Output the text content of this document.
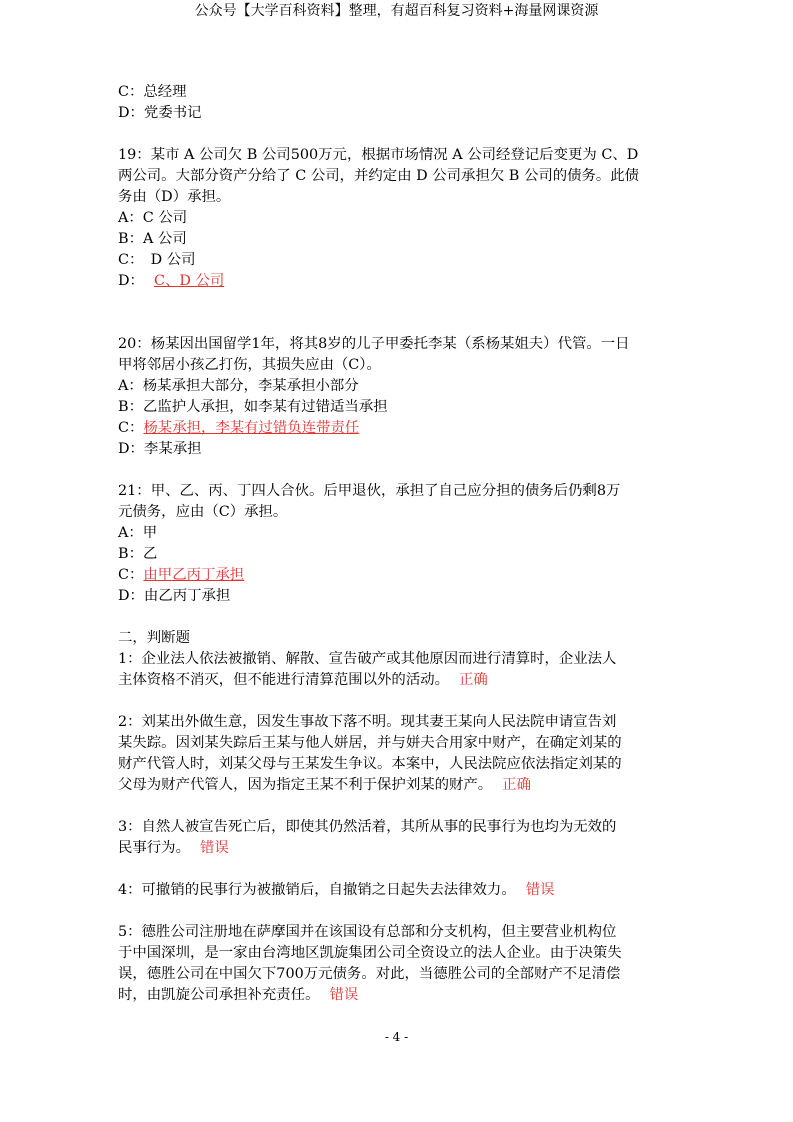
公众号【大学百科资料】整理，有超百科复习资料+海量网课资源
C：总经理
D：党委书记
19：某市 A 公司欠 B 公司500万元，根据市场情况 A 公司经登记后变更为 C、D
两公司。大部分资产分给了 C 公司，并约定由 D 公司承担欠 B 公司的债务。此债
务由（D）承担。
A：C 公司
B：A 公司
C：　D 公司
D： C、D 公司
20：杨某因出国留学1年，将其8岁的儿子甲委托李某（系杨某姐夫）代管。一日
甲将邻居小孩乙打伤，其损失应由（C）。
A：杨某承担大部分，李某承担小部分
B：乙监护人承担，如李某有过错适当承担
C：杨某承担，李某有过错负连带责任
D：李某承担
21：甲、乙、丙、丁四人合伙。后甲退伙，承担了自己应分担的债务后仍剩8万
元债务，应由（C）承担。
A：甲
B：乙
C：由甲乙丙丁承担
D：由乙丙丁承担
二，判断题
1：企业法人依法被撤销、解散、宣告破产或其他原因而进行清算时，企业法人
主体资格不消灭，但不能进行清算范围以外的活动。 正确
2：刘某出外做生意，因发生事故下落不明。现其妻王某向人民法院申请宣告刘
某失踪。因刘某失踪后王某与他人姘居，并与姘夫合用家中财产，在确定刘某的
财产代管人时，刘某父母与王某发生争议。本案中，人民法院应依法指定刘某的
父母为财产代管人，因为指定王某不利于保护刘某的财产。 正确
3：自然人被宣告死亡后，即使其仍然活着，其所从事的民事行为也均为无效的
民事行为。 错误
4：可撤销的民事行为被撤销后，自撤销之日起失去法律效力。 错误
5：德胜公司注册地在萨摩国并在该国设有总部和分支机构，但主要营业机构位
于中国深圳，是一家由台湾地区凯旋集团公司全资设立的法人企业。由于决策失
误，德胜公司在中国欠下700万元债务。对此，当德胜公司的全部财产不足清偿
时，由凯旋公司承担补充责任。 错误
- 4 -
